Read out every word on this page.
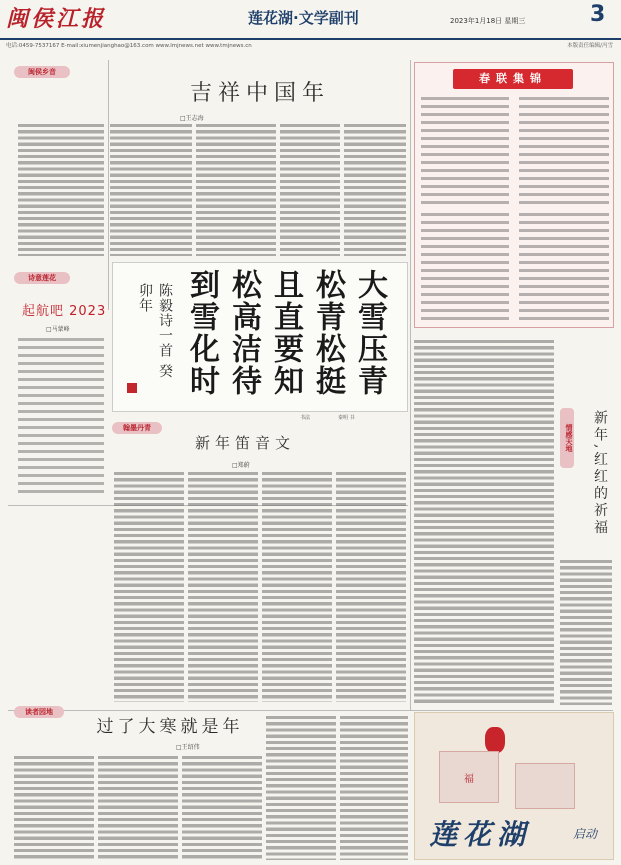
闽侯江报	莲花湖·文学副刊	2023年1月18日 星期三	3
电话:0459-7537167 E-mail:xiumenjianghao@163.com www.lmjnews.net www.tmjnews.cn	本版责任编辑/冯雪
闽侯乡音
吉祥中国年
□王志海
诗意莲花
起航吧 2023
□马蒙峰	大雪压青
松青松挺
且直要知
松高洁待
到雪化时
陈毅诗一首 癸卯年
书法	秦明 书
翰墨丹青
新年笛音文
□郑蔚
春联集锦
情感天地	新年,红红的祈福
读者园地
过了大寒就是年
□王绍伟
福
莲花湖	启动
